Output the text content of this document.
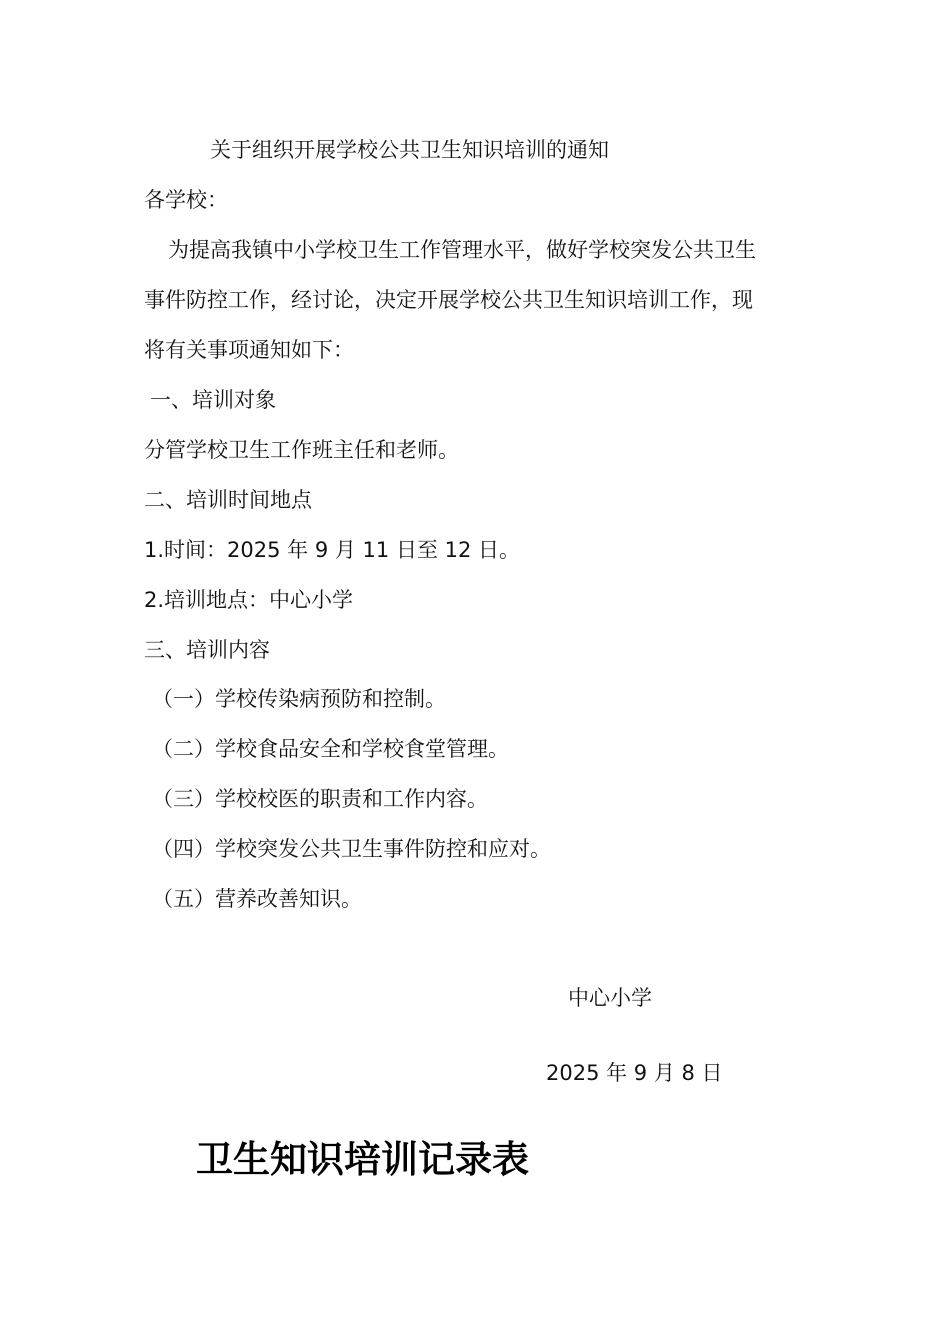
关于组织开展学校公共卫生知识培训的通知
各学校：
为提高我镇中小学校卫生工作管理水平，做好学校突发公共卫生
事件防控工作，经讨论，决定开展学校公共卫生知识培训工作，现
将有关事项通知如下：
一、培训对象
分管学校卫生工作班主任和老师。
二、培训时间地点
1.时间：2025 年 9 月 11 日至 12 日。
2.培训地点：中心小学
三、培训内容
（一）学校传染病预防和控制。
（二）学校食品安全和学校食堂管理。
（三）学校校医的职责和工作内容。
（四）学校突发公共卫生事件防控和应对。
（五）营养改善知识。
中心小学
2025 年 9 月 8 日
卫生知识培训记录表
